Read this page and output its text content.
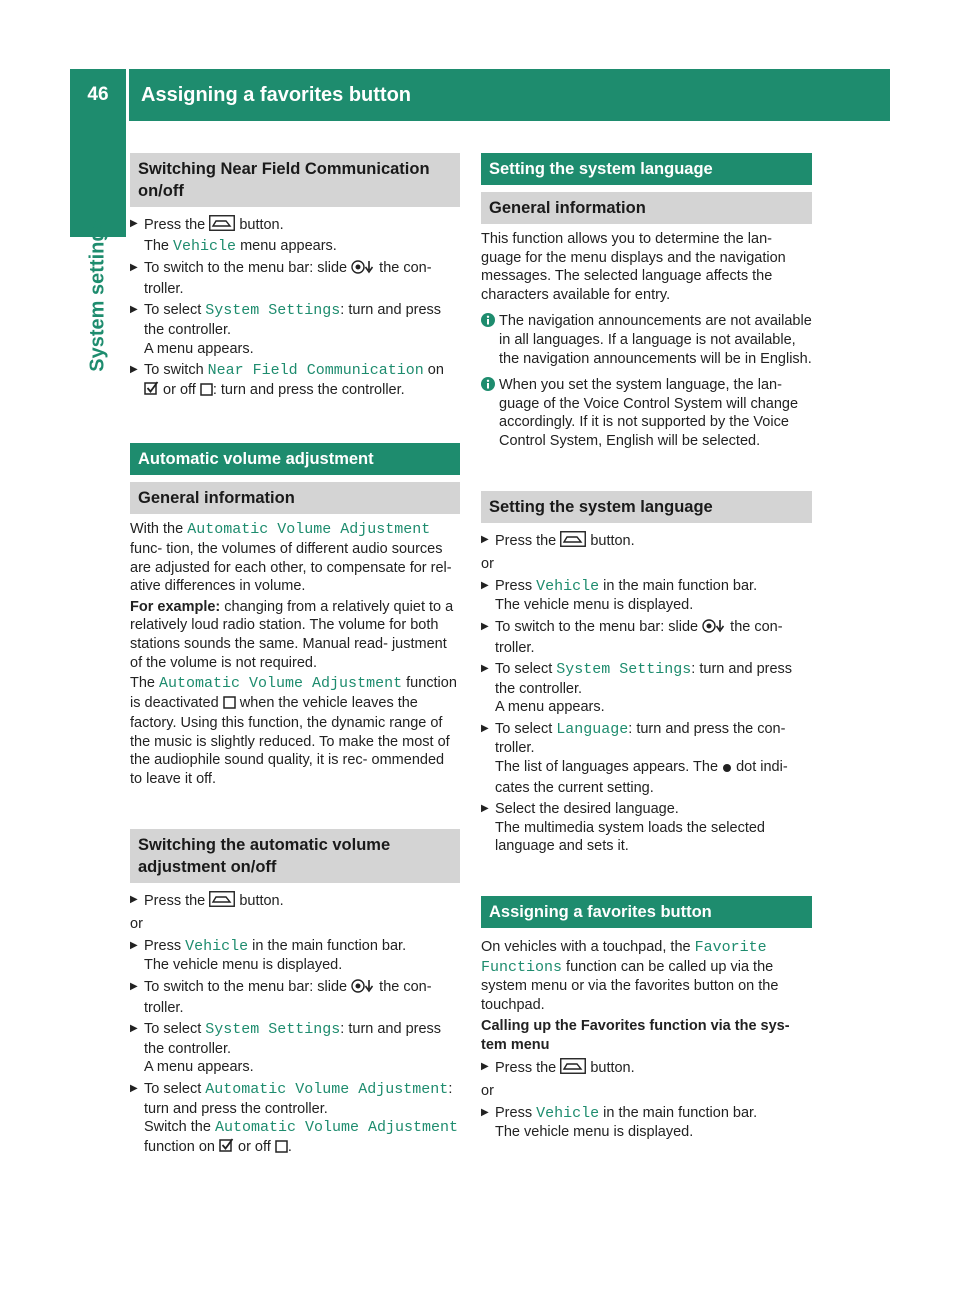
46	Assigning a favorites button
System settings
Switching Near Field Communication on/off

▶ Press the button.
The Vehicle menu appears.

▶ To switch to the menu bar: slide the con- troller.

▶ To select System Settings: turn and press the controller.
A menu appears.

▶ To switch Near Field Communication on
or off : turn and press the controller.

Automatic volume adjustment
General information

With the Automatic Volume Adjustment func- tion, the volumes of different audio sources are adjusted for each other, to compensate for rel- ative differences in volume.

For example: changing from a relatively quiet to a relatively loud radio station. The volume for both stations sounds the same. Manual read- justment of the volume is not required.

The Automatic Volume Adjustment function is deactivated when the vehicle leaves the factory. Using this function, the dynamic range of the music is slightly reduced. To make the most of the audiophile sound quality, it is rec- ommended to leave it off.

Switching the automatic volume adjustment on/off

▶ Press the button.

or

▶ Press Vehicle in the main function bar.
The vehicle menu is displayed.

▶ To switch to the menu bar: slide the con- troller.

▶ To select System Settings: turn and press the controller.
A menu appears.

▶ To select Automatic Volume Adjustment:
turn and press the controller.
Switch the Automatic Volume Adjustment
function on or off .

Setting the system language
General information

This function allows you to determine the lan- guage for the menu displays and the navigation messages. The selected language affects the characters available for entry.

The navigation announcements are not available in all languages. If a language is not available, the navigation announcements will be in English.

When you set the system language, the lan- guage of the Voice Control System will change accordingly. If it is not supported by the Voice Control System, English will be selected.

Setting the system language

▶ Press the button.

or

▶ Press Vehicle in the main function bar.
The vehicle menu is displayed.

▶ To switch to the menu bar: slide the con- troller.

▶ To select System Settings: turn and press the controller.
A menu appears.

▶ To select Language: turn and press the con- troller.
The list of languages appears. The dot indi- cates the current setting.

▶ Select the desired language.
The multimedia system loads the selected language and sets it.

Assigning a favorites button

On vehicles with a touchpad, the Favorite Functions function can be called up via the system menu or via the favorites button on the touchpad.

Calling up the Favorites function via the sys- tem menu

▶ Press the button.

or

▶ Press Vehicle in the main function bar.
The vehicle menu is displayed.
